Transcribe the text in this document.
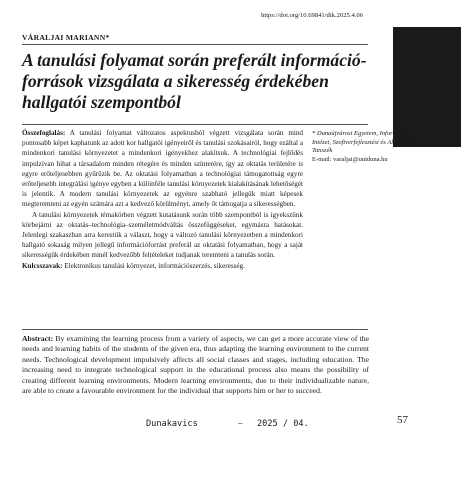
https://doi.org/10.69841/dik.2025.4.06
VÁRALJAI MARIANN*
A tanulási folyamat során preferált információ-
források vizsgálata a sikeresség érdekében
hallgatói szempontból

Összefoglalás: A tanulási folyamat változatos aspektusból végzett vizsgálata során mind pontosabb képet kaphatunk az adott kor hallgatói igényeiről és tanulási szokásairól, hogy ezáltal a mindenkori tanulási környezetet a mindenkori igényekhez alakítsuk. A technológiai fejlődés impulzívan hihat a társadalom minden rétegére és minden színterére, így az oktatás területére is egyre erőteljesebben gyűrűzik be. Az oktatási folyamatban a technológiai támogatottság egyre erőteljesebb integrálási igénye egyben a különféle tanulási környezetek kialakításának lehetőségét is jelentik. A modern tanulási környezetek az egyénre szabható jellegük miatt képesek megteremteni az egyén számára azt a kedvező körülményt, amely őt támogatja a sikerességben.

A tanulási környezetek témakörben végzett kutatásunk során több szempontból is igyekszünk körbejárni az oktatás–technológia–személetmódváltás összefüggéseket, egymásra hatásokat. Jelenlegi szakaszban arra kerestük a választ, hogy a változó tanulási környezetben a mindenkori hallgató sokaság milyen jellegű információforrást preferál az oktatási folyamatban, hogy a saját sikerességük érdekében minél kedvezőbb feltételeket tudjanak teremteni a tanulás során.

Kulcsszavak: Elektronikus tanulási környezet, információszerzés, sikeresség.

* Dunaújvárosi Egyetem, Informatika Intézet, Szoftverfejlesztési és Alkalmazási Tanszék
E-mail: varaljai@uniduna.hu

Abstract: By examining the learning process from a variety of aspects, we can get a more accurate view of the needs and learning habits of the students of the given era, thus adapting the learning environment to the current needs. Technological development impulsively affects all social classes and stages, including education. The increasing need to integrate technological support in the educational process also means the possibility of creating different learning environments. Modern learning environments, due to their individualizable nature, are able to create a favourable environment for the individual that supports him or her to succeed.

Dunakavics	– 2025 / 04.	57
